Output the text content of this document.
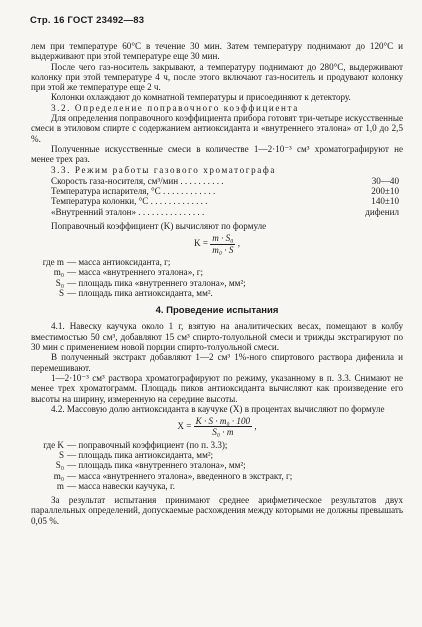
Стр. 16 ГОСТ 23492—83

лем при температуре 60°С в течение 30 мин. Затем температуру поднимают до 120°С и выдерживают при этой температуре еще 30 мин.

После чего газ-носитель закрывают, а температуру поднимают до 280°С, выдерживают колонку при этой температуре 4 ч, после этого включают газ-носитель и продувают колонку при этой же температуре еще 2 ч.

Колонки охлаждают до комнатной температуры и присоединяют к детектору.

3.2. Определение поправочного коэффициента

Для определения поправочного коэффициента прибора готовят три-четыре искусственные смеси в этиловом спирте с содержанием антиоксиданта и «внутреннего эталона» от 1,0 до 2,5 %.

Полученные искусственные смеси в количестве 1—2·10⁻³ см³ хроматографируют не менее трех раз.

3.3. Режим работы газового хроматографа

Скорость газа-носителя, см³/мин . . . . . . . . . .	30—40
Температура испарителя, °С . . . . . . . . . . . .	200±10
Температура колонки, °С . . . . . . . . . . . . .	140±10
«Внутренний эталон» . . . . . . . . . . . . . . .	дифенил

Поправочный коэффициент (K) вычисляют по формуле

$K = \frac{\text{m · S₀}}{\text{m₀ · S}}$ ,
где m — масса антиоксиданта, г;
m₀ — масса «внутреннего эталона», г;
S₀ — площадь пика «внутреннего эталона», мм²;
S — площадь пика антиоксиданта, мм².
4. Проведение испытания

4.1. Навеску каучука около 1 г, взятую на аналитических весах, помещают в колбу вместимостью 50 см³, добавляют 15 см³ спирто-толуольной смеси и трижды экстрагируют по 30 мин с применением новой порции спирто-толуольной смеси.

В полученный экстракт добавляют 1—2 см³ 1%-ного спиртового раствора дифенила и перемешивают.

1—2·10⁻³ см³ раствора хроматографируют по режиму, указанному в п. 3.3. Снимают не менее трех хроматограмм. Площадь пиков антиоксиданта вычисляют как произведение его высоты на ширину, измеренную на середине высоты.

4.2. Массовую долю антиоксиданта в каучуке (X) в процентах вычисляют по формуле

$X = \frac{\text{K · S · m₀ · 100}}{\text{S₀ · m}}$ ,
где K — поправочный коэффициент (по п. 3.3);
S — площадь пика антиоксиданта, мм²;
S₀ — площадь пика «внутреннего эталона», мм²;
m₀ — масса «внутреннего эталона», введенного в экстракт, г;
m — масса навески каучука, г.

За результат испытания принимают среднее арифметическое результатов двух параллельных определений, допускаемые расхождения между которыми не должны превышать 0,05 %.
